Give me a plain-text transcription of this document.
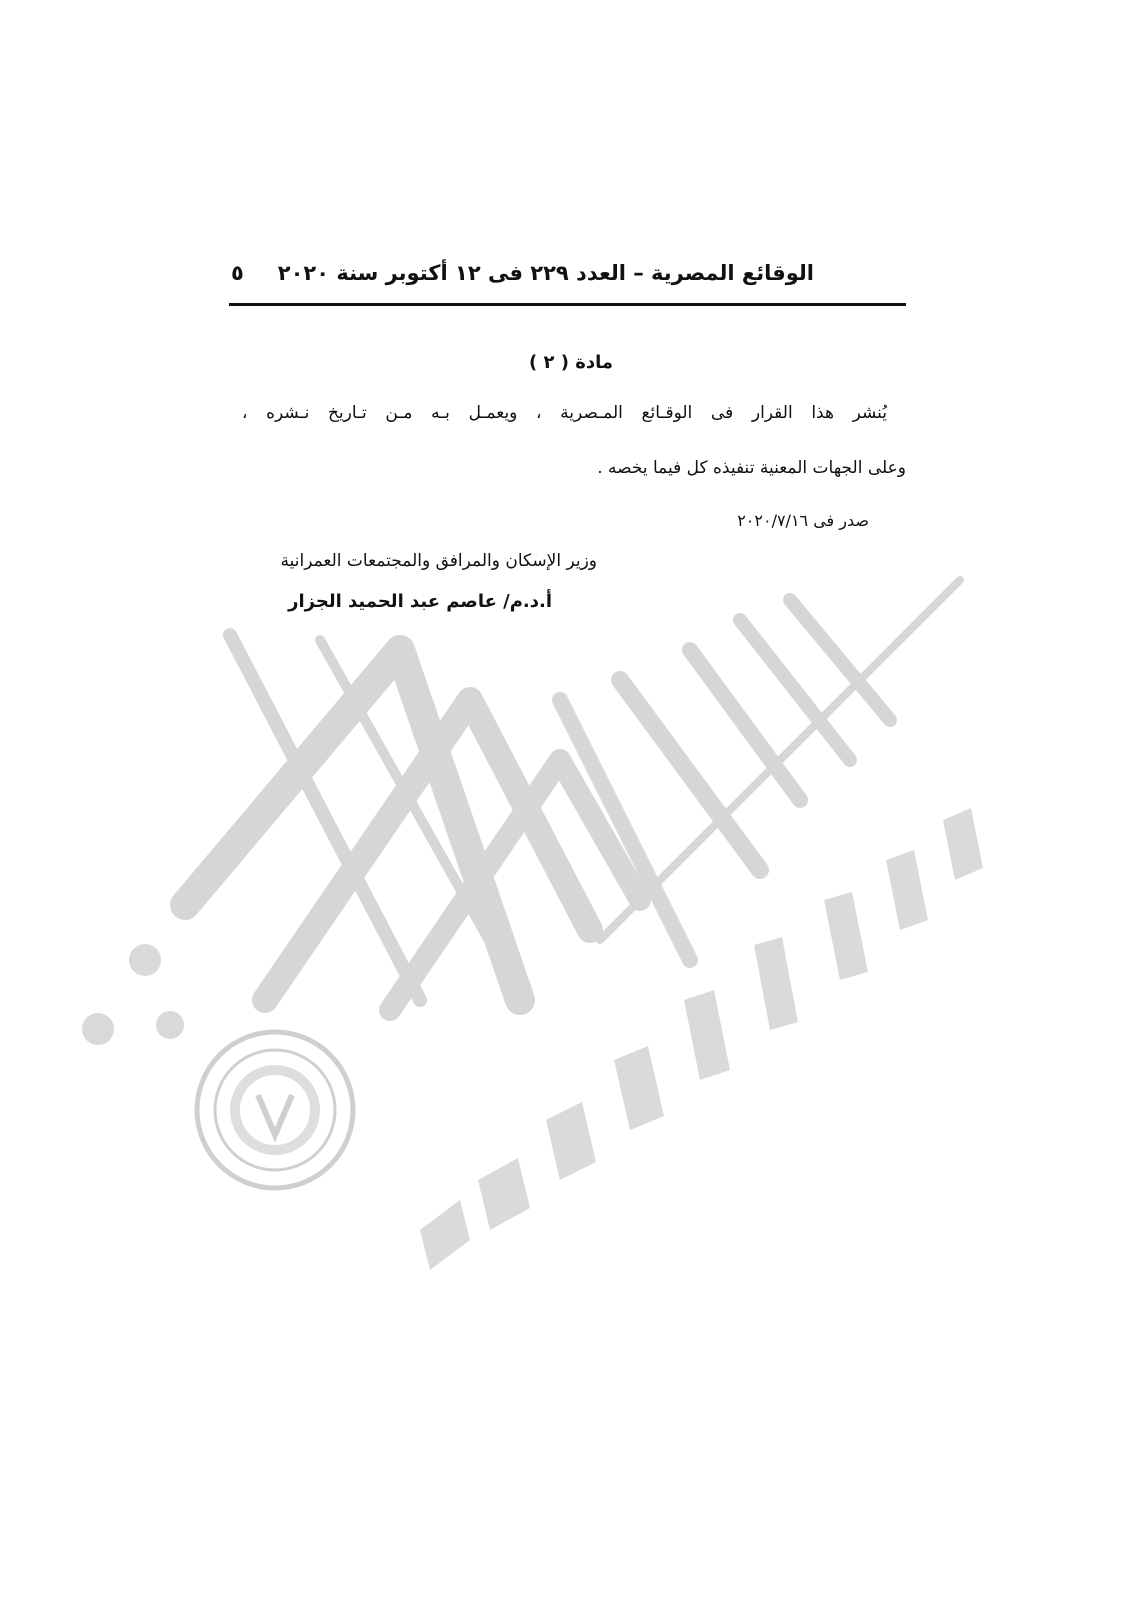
الوقائع المصرية – العدد ٢٢٩ فى ١٢ أكتوبر سنة ٢٠٢٠
٥
مادة ( ٢ )
يُنشر هذا القرار فى الوقـائع المـصرية ، ويعمـل بـه مـن تـاريخ نـشره ،
وعلى الجهات المعنية تنفيذه كل فيما يخصه .
صدر فى ٢٠٢٠/٧/١٦
وزير الإسكان والمرافق والمجتمعات العمرانية
أ.د.م/ عاصم عبد الحميد الجزار
